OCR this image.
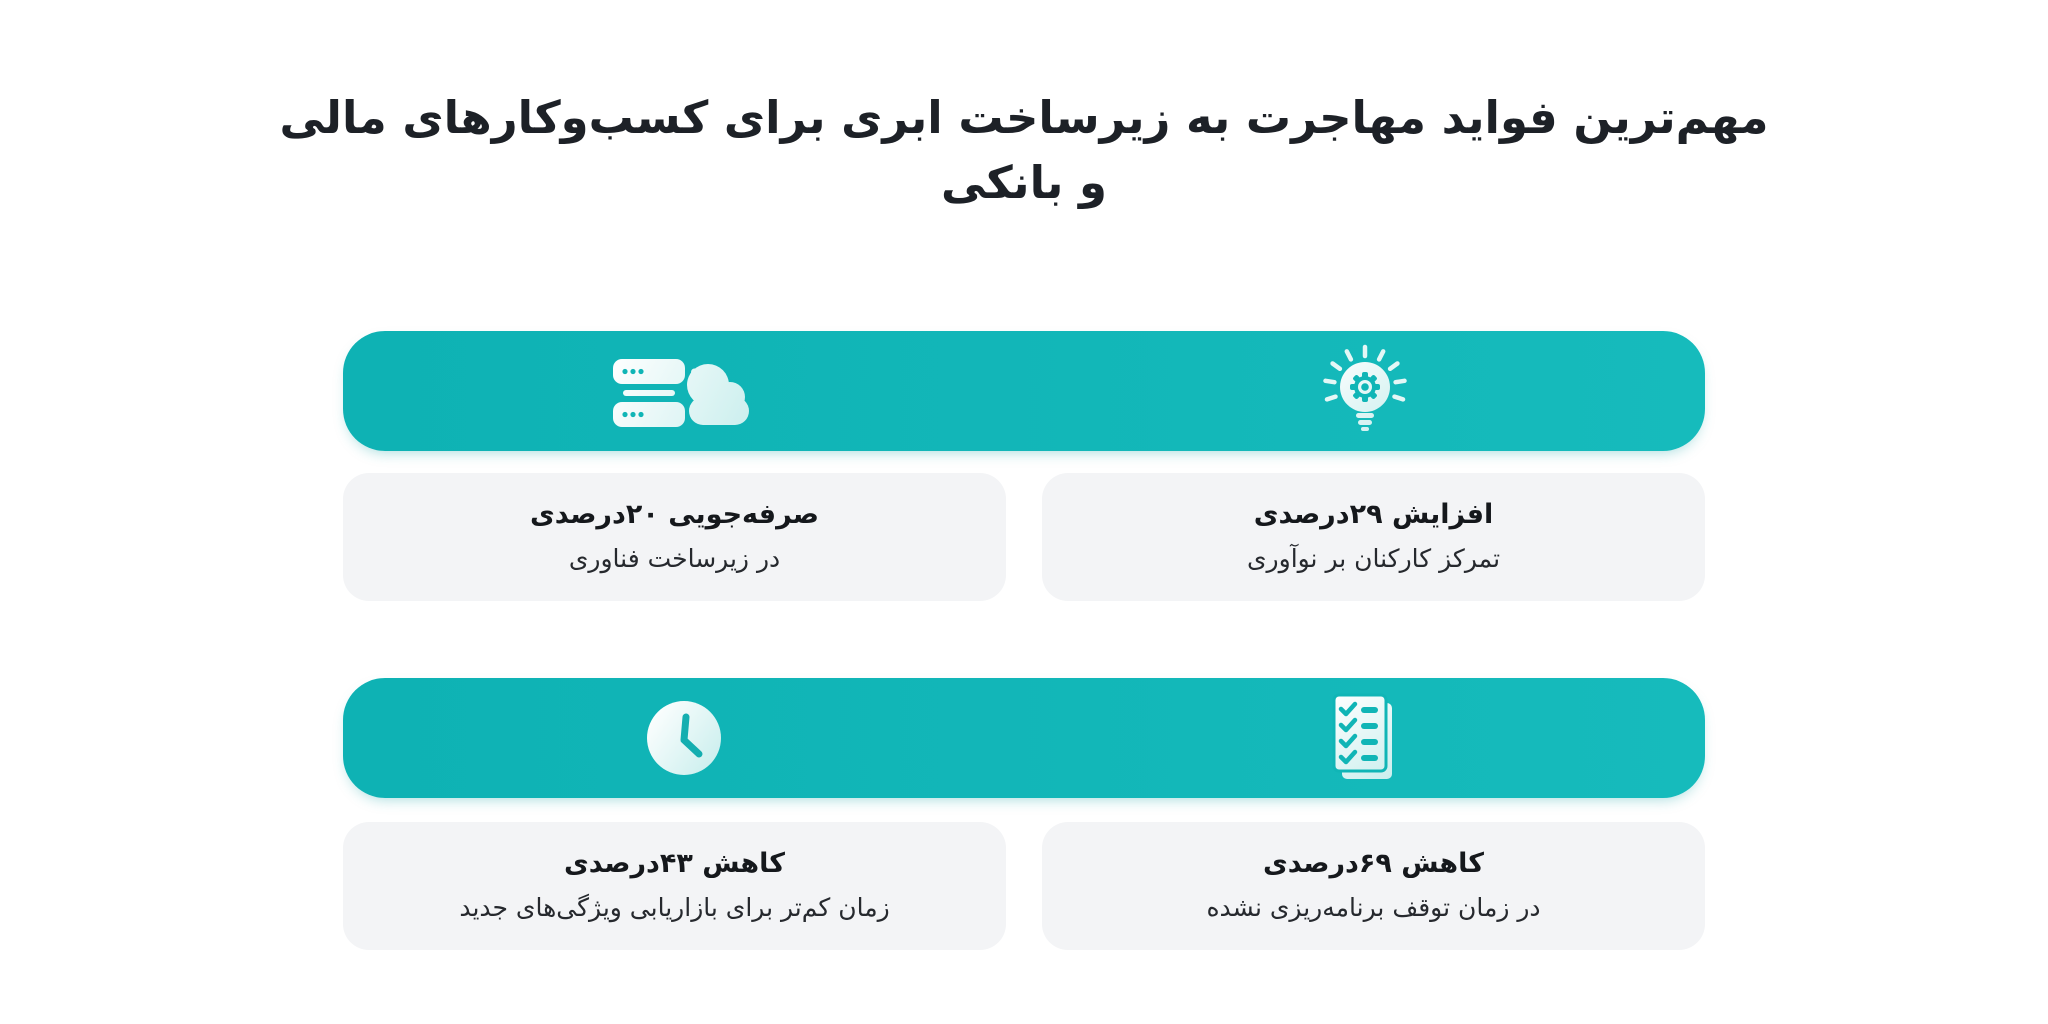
مهم‌ترین فواید مهاجرت به زیرساخت ابری برای کسب‌وکارهای مالی و بانکی
صرفه‌جویی ۲۰درصدی
در زیرساخت فناوری
افزایش ۲۹درصدی
تمرکز کارکنان بر نوآوری
کاهش ۴۳درصدی
زمان کم‌تر برای بازاریابی ویژگی‌های جدید
کاهش ۶۹درصدی
در زمان توقف برنامه‌ریزی نشده
